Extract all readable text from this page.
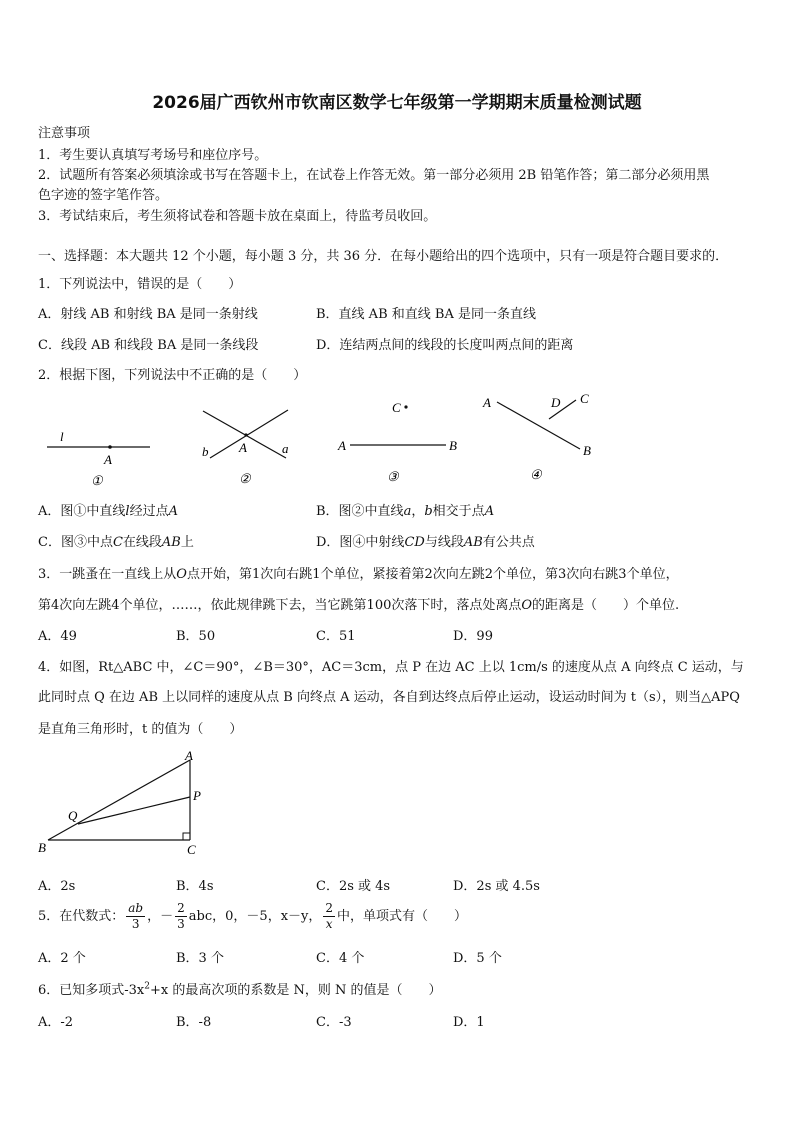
2026届广西钦州市钦南区数学七年级第一学期期末质量检测试题
注意事项
1．考生要认真填写考场号和座位序号。
2．试题所有答案必须填涂或书写在答题卡上，在试卷上作答无效。第一部分必须用 2B 铅笔作答；第二部分必须用黑
色字迹的签字笔作答。
3．考试结束后，考生须将试卷和答题卡放在桌面上，待监考员收回。
一、选择题：本大题共 12 个小题，每小题 3 分，共 36 分．在每小题给出的四个选项中，只有一项是符合题目要求的．
1．下列说法中，错误的是（　　）
A．射线 AB 和射线 BA 是同一条射线	B．直线 AB 和直线 BA 是同一条直线
C．线段 AB 和线段 BA 是同一条线段	D．连结两点间的线段的长度叫两点间的距离
2．根据下图，下列说法中不正确的是（　　）
l
A
①
b A	a
②
C
A	B
③
A
B
D C
④
A．图①中直线l经过点A	B．图②中直线a，b相交于点A
C．图③中点C在线段AB上	D．图④中射线CD与线段AB有公共点
3．一跳蚤在一直线上从O点开始，第1次向右跳1个单位，紧接着第2次向左跳2个单位，第3次向右跳3个单位，
第4次向左跳4个单位，……，依此规律跳下去，当它跳第100次落下时，落点处离点O的距离是（　　）个单位.
A．49	B．50	C．51	D．99
4．如图，Rt△ABC 中，∠C＝90°，∠B＝30°，AC＝3cm，点 P 在边 AC 上以 1cm/s 的速度从点 A 向终点 C 运动，与
此同时点 Q 在边 AB 上以同样的速度从点 B 向终点 A 运动，各自到达终点后停止运动，设运动时间为 t（s），则当△APQ
是直角三角形时，t 的值为（　　）
A
B	C
P
Q
A．2s	B．4s	C．2s 或 4s	D．2s 或 4.5s
5．在代数式： $\frac{ab}{3}$ ，－ $\frac{2}{3}$ abc，0，－5，x－y， $\frac{2}{x}$ 中，单项式有（　　）
A．2 个	B．3 个	C．4 个	D．5 个
6．已知多项式$-3x^2+x$ 的最高次项的系数是 N，则 N 的值是（　　）
A．-2	B．-8	C．-3	D．1
